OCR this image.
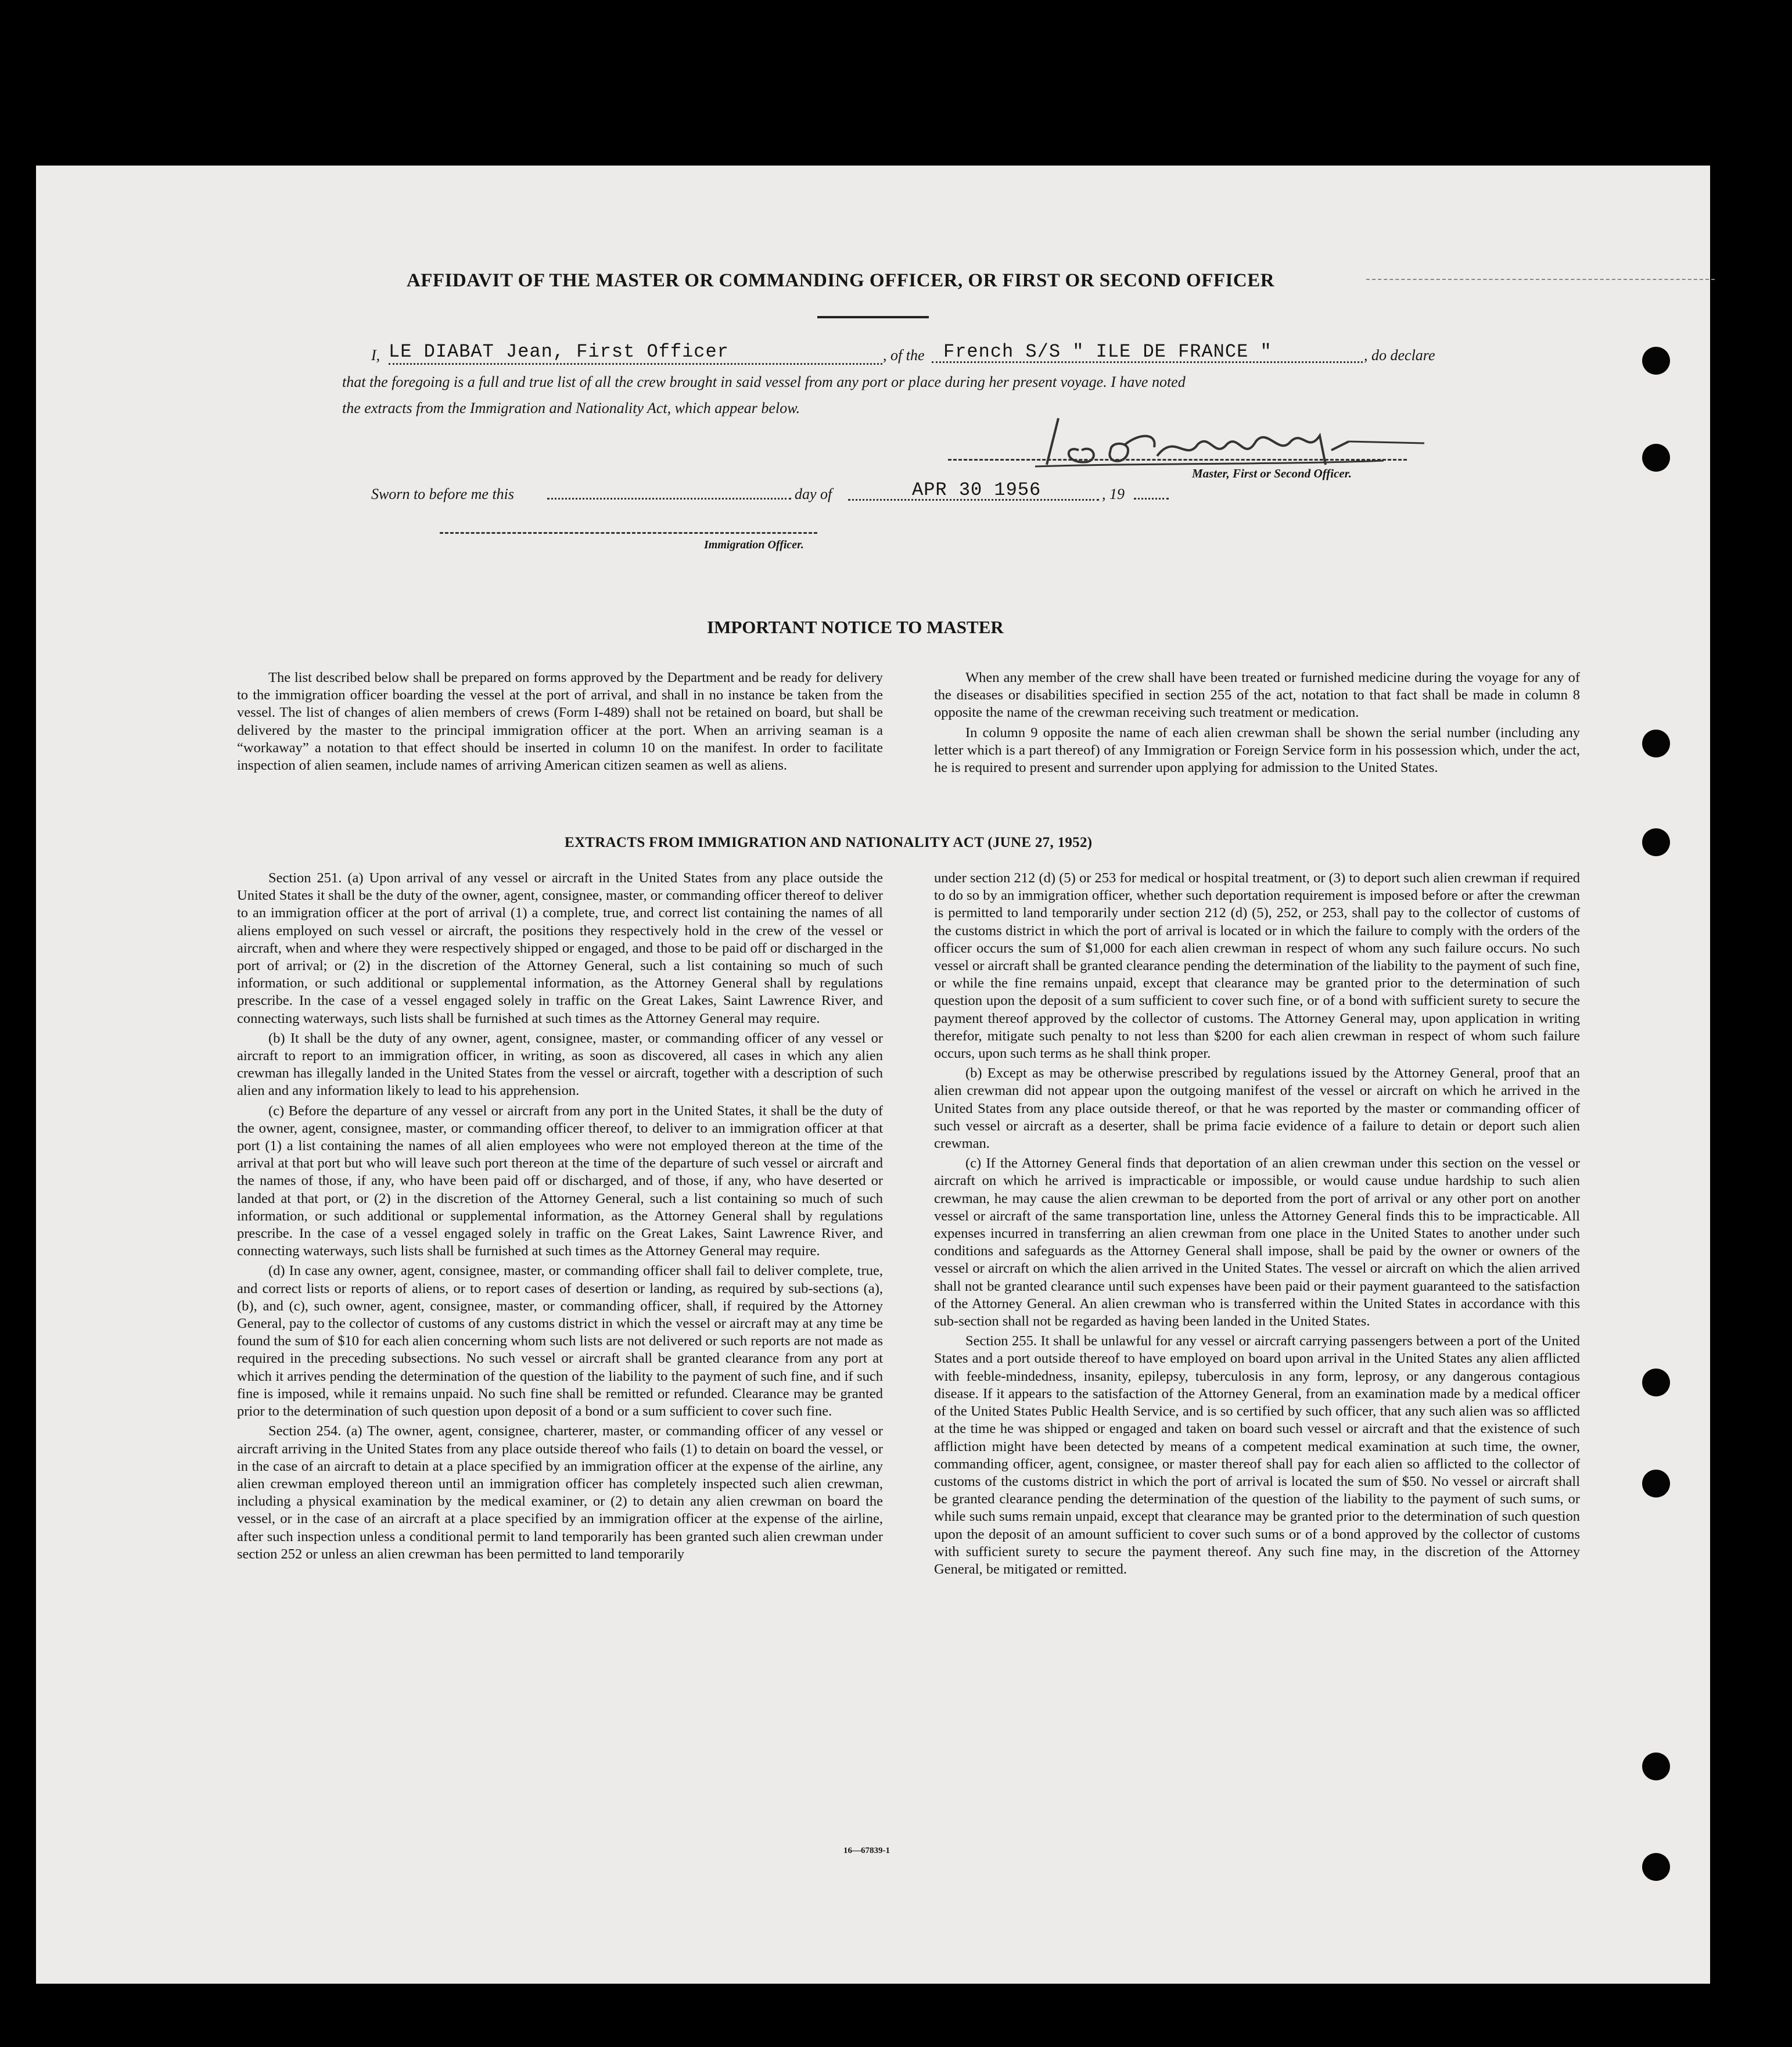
AFFIDAVIT OF THE MASTER OR COMMANDING OFFICER, OR FIRST OR SECOND OFFICER
I, LE DIABAT Jean, First Officer	, of the	French S/S " ILE DE FRANCE "	, do declare
that the foregoing is a full and true list of all the crew brought in said vessel from any port or place during her present voyage. I have noted
the extracts from the Immigration and Nationality Act, which appear below.
Master, First or Second Officer.
Sworn to before me this	day of	APR 30 1956	, 19
Immigration Officer.
IMPORTANT NOTICE TO MASTER

The list described below shall be prepared on forms approved by the Department and be ready for delivery to the immigration officer boarding the vessel at the port of arrival, and shall in no instance be taken from the vessel. The list of changes of alien members of crews (Form I-489) shall not be retained on board, but shall be delivered by the master to the principal immigration officer at the port. When an arriving seaman is a “workaway” a notation to that effect should be inserted in column 10 on the manifest. In order to facilitate inspection of alien seamen, include names of arriving American citizen seamen as well as aliens.

When any member of the crew shall have been treated or furnished medicine during the voyage for any of the diseases or disabilities specified in section 255 of the act, notation to that fact shall be made in column 8 opposite the name of the crewman receiving such treatment or medication.

In column 9 opposite the name of each alien crewman shall be shown the serial number (including any letter which is a part thereof) of any Immigration or Foreign Service form in his possession which, under the act, he is required to present and surrender upon applying for admission to the United States.

EXTRACTS FROM IMMIGRATION AND NATIONALITY ACT (JUNE 27, 1952)

Section 251. (a) Upon arrival of any vessel or aircraft in the United States from any place outside the United States it shall be the duty of the owner, agent, consignee, master, or commanding officer thereof to deliver to an immigration officer at the port of arrival (1) a complete, true, and correct list containing the names of all aliens employed on such vessel or aircraft, the positions they respectively hold in the crew of the vessel or aircraft, when and where they were respectively shipped or engaged, and those to be paid off or discharged in the port of arrival; or (2) in the discretion of the Attorney General, such a list containing so much of such information, or such additional or supplemental information, as the Attorney General shall by regulations prescribe. In the case of a vessel engaged solely in traffic on the Great Lakes, Saint Lawrence River, and connecting waterways, such lists shall be furnished at such times as the Attorney General may require.

(b) It shall be the duty of any owner, agent, consignee, master, or commanding officer of any vessel or aircraft to report to an immigration officer, in writing, as soon as discovered, all cases in which any alien crewman has illegally landed in the United States from the vessel or aircraft, together with a description of such alien and any information likely to lead to his apprehension.

(c) Before the departure of any vessel or aircraft from any port in the United States, it shall be the duty of the owner, agent, consignee, master, or commanding officer thereof, to deliver to an immigration officer at that port (1) a list containing the names of all alien employees who were not employed thereon at the time of the arrival at that port but who will leave such port thereon at the time of the departure of such vessel or aircraft and the names of those, if any, who have been paid off or discharged, and of those, if any, who have deserted or landed at that port, or (2) in the discretion of the Attorney General, such a list containing so much of such information, or such additional or supplemental information, as the Attorney General shall by regulations prescribe. In the case of a vessel engaged solely in traffic on the Great Lakes, Saint Lawrence River, and connecting waterways, such lists shall be furnished at such times as the Attorney General may require.

(d) In case any owner, agent, consignee, master, or commanding officer shall fail to deliver complete, true, and correct lists or reports of aliens, or to report cases of desertion or landing, as required by sub-sections (a), (b), and (c), such owner, agent, consignee, master, or commanding officer, shall, if required by the Attorney General, pay to the collector of customs of any customs district in which the vessel or aircraft may at any time be found the sum of $10 for each alien concerning whom such lists are not delivered or such reports are not made as required in the preceding subsections. No such vessel or aircraft shall be granted clearance from any port at which it arrives pending the determination of the question of the liability to the payment of such fine, and if such fine is imposed, while it remains unpaid. No such fine shall be remitted or refunded. Clearance may be granted prior to the determination of such question upon deposit of a bond or a sum sufficient to cover such fine.

Section 254. (a) The owner, agent, consignee, charterer, master, or commanding officer of any vessel or aircraft arriving in the United States from any place outside thereof who fails (1) to detain on board the vessel, or in the case of an aircraft to detain at a place specified by an immigration officer at the expense of the airline, any alien crewman employed thereon until an immigration officer has completely inspected such alien crewman, including a physical examination by the medical examiner, or (2) to detain any alien crewman on board the vessel, or in the case of an aircraft at a place specified by an immigration officer at the expense of the airline, after such inspection unless a conditional permit to land temporarily has been granted such alien crewman under section 252 or unless an alien crewman has been permitted to land temporarily

under section 212 (d) (5) or 253 for medical or hospital treatment, or (3) to deport such alien crewman if required to do so by an immigration officer, whether such deportation requirement is imposed before or after the crewman is permitted to land temporarily under section 212 (d) (5), 252, or 253, shall pay to the collector of customs of the customs district in which the port of arrival is located or in which the failure to comply with the orders of the officer occurs the sum of $1,000 for each alien crewman in respect of whom any such failure occurs. No such vessel or aircraft shall be granted clearance pending the determination of the liability to the payment of such fine, or while the fine remains unpaid, except that clearance may be granted prior to the determination of such question upon the deposit of a sum sufficient to cover such fine, or of a bond with sufficient surety to secure the payment thereof approved by the collector of customs. The Attorney General may, upon application in writing therefor, mitigate such penalty to not less than $200 for each alien crewman in respect of whom such failure occurs, upon such terms as he shall think proper.

(b) Except as may be otherwise prescribed by regulations issued by the Attorney General, proof that an alien crewman did not appear upon the outgoing manifest of the vessel or aircraft on which he arrived in the United States from any place outside thereof, or that he was reported by the master or commanding officer of such vessel or aircraft as a deserter, shall be prima facie evidence of a failure to detain or deport such alien crewman.

(c) If the Attorney General finds that deportation of an alien crewman under this section on the vessel or aircraft on which he arrived is impracticable or impossible, or would cause undue hardship to such alien crewman, he may cause the alien crewman to be deported from the port of arrival or any other port on another vessel or aircraft of the same transportation line, unless the Attorney General finds this to be impracticable. All expenses incurred in transferring an alien crewman from one place in the United States to another under such conditions and safeguards as the Attorney General shall impose, shall be paid by the owner or owners of the vessel or aircraft on which the alien arrived in the United States. The vessel or aircraft on which the alien arrived shall not be granted clearance until such expenses have been paid or their payment guaranteed to the satisfaction of the Attorney General. An alien crewman who is transferred within the United States in accordance with this sub-section shall not be regarded as having been landed in the United States.

Section 255. It shall be unlawful for any vessel or aircraft carrying passengers between a port of the United States and a port outside thereof to have employed on board upon arrival in the United States any alien afflicted with feeble-mindedness, insanity, epilepsy, tuberculosis in any form, leprosy, or any dangerous contagious disease. If it appears to the satisfaction of the Attorney General, from an examination made by a medical officer of the United States Public Health Service, and is so certified by such officer, that any such alien was so afflicted at the time he was shipped or engaged and taken on board such vessel or aircraft and that the existence of such affliction might have been detected by means of a competent medical examination at such time, the owner, commanding officer, agent, consignee, or master thereof shall pay for each alien so afflicted to the collector of customs of the customs district in which the port of arrival is located the sum of $50. No vessel or aircraft shall be granted clearance pending the determination of the question of the liability to the payment of such sums, or while such sums remain unpaid, except that clearance may be granted prior to the determination of such question upon the deposit of an amount sufficient to cover such sums or of a bond approved by the collector of customs with sufficient surety to secure the payment thereof. Any such fine may, in the discretion of the Attorney General, be mitigated or remitted.

16—67839-1
